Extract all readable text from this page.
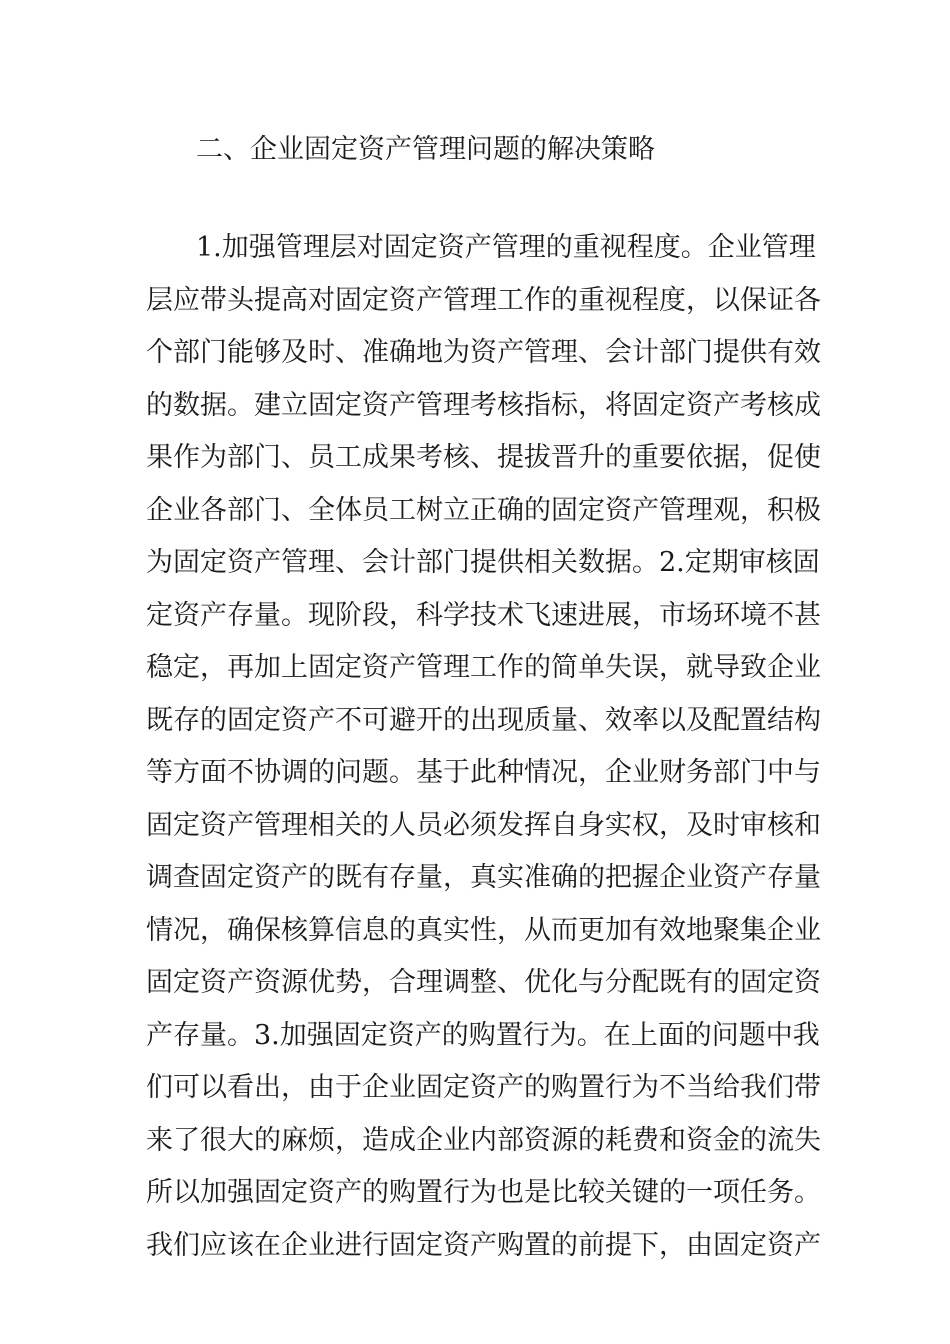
二、企业固定资产管理问题的解决策略
1.加强管理层对固定资产管理的重视程度。企业管理
层应带头提高对固定资产管理工作的重视程度，以保证各
个部门能够及时、准确地为资产管理、会计部门提供有效
的数据。建立固定资产管理考核指标，将固定资产考核成
果作为部门、员工成果考核、提拔晋升的重要依据，促使
企业各部门、全体员工树立正确的固定资产管理观，积极
为固定资产管理、会计部门提供相关数据。2.定期审核固
定资产存量。现阶段，科学技术飞速进展，市场环境不甚
稳定，再加上固定资产管理工作的简单失误，就导致企业
既存的固定资产不可避开的出现质量、效率以及配置结构
等方面不协调的问题。基于此种情况，企业财务部门中与
固定资产管理相关的人员必须发挥自身实权，及时审核和
调查固定资产的既有存量，真实准确的把握企业资产存量
情况，确保核算信息的真实性，从而更加有效地聚集企业
固定资产资源优势，合理调整、优化与分配既有的固定资
产存量。3.加强固定资产的购置行为。在上面的问题中我
们可以看出，由于企业固定资产的购置行为不当给我们带
来了很大的麻烦，造成企业内部资源的耗费和资金的流失
所以加强固定资产的购置行为也是比较关键的一项任务。
我们应该在企业进行固定资产购置的前提下，由固定资产
